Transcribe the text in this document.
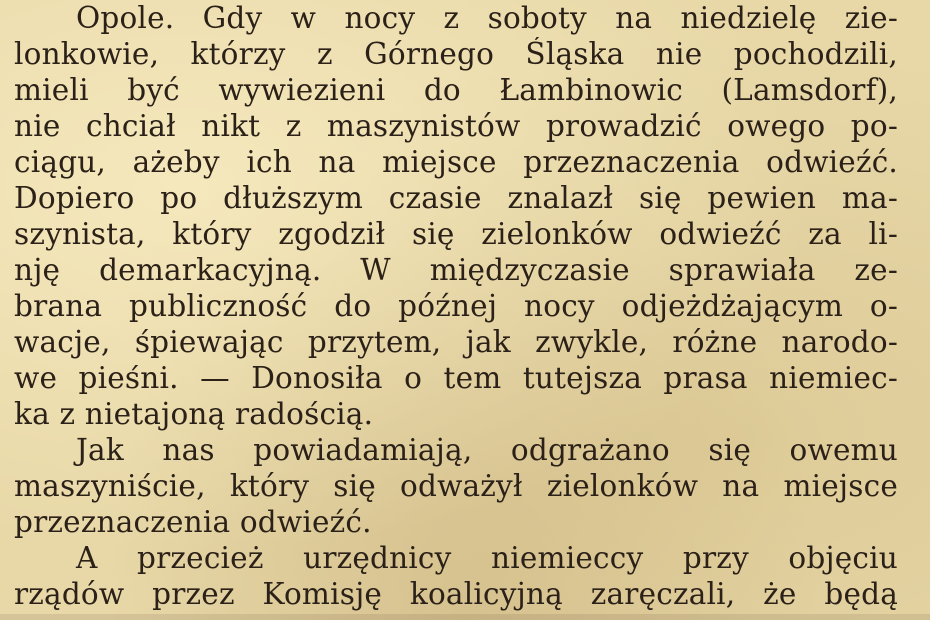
Opole. Gdy w nocy z soboty na niedzielę zie-
lonkowie, którzy z Górnego Śląska nie pochodzili,
mieli być wywiezieni do Łambinowic (Lamsdorf),
nie chciał nikt z maszynistów prowadzić owego po-
ciągu, ażeby ich na miejsce przeznaczenia odwieźć.
Dopiero po dłuższym czasie znalazł się pewien ma-
szynista, który zgodził się zielonków odwieźć za li-
nję demarkacyjną. W międzyczasie sprawiała ze-
brana publiczność do późnej nocy odjeżdżającym o-
wacje, śpiewając przytem, jak zwykle, różne narodo-
we pieśni. — Donosiła o tem tutejsza prasa niemiec-
ka z nietajoną radością.
Jak nas powiadamiają, odgrażano się owemu
maszyniście, który się odważył zielonków na miejsce
przeznaczenia odwieźć.
A przecież urzędnicy niemieccy przy objęciu
rządów przez Komisję koalicyjną zaręczali, że będą
